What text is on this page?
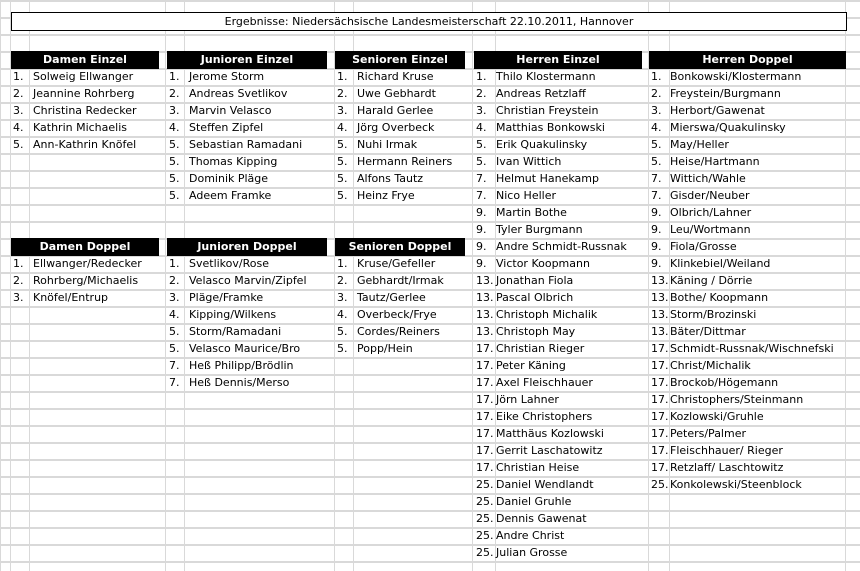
Ergebnisse: Niedersächsische Landesmeisterschaft 22.10.2011, Hannover
Damen Einzel
1. Solweig Ellwanger
2. Jeannine Rohrberg
3. Christina Redecker
4. Kathrin Michaelis
5. Ann-Kathrin Knöfel
Junioren Einzel
1. Jerome Storm
2. Andreas Svetlikov
3. Marvin Velasco
4. Steffen Zipfel
5. Sebastian Ramadani
5. Thomas Kipping
5. Dominik Pläge
5. Adeem Framke
Senioren Einzel
1. Richard Kruse
2. Uwe Gebhardt
3. Harald Gerlee
4. Jörg Overbeck
5. Nuhi Irmak
5. Hermann Reiners
5. Alfons Tautz
5. Heinz Frye
Herren Einzel
1. Thilo Klostermann
2. Andreas Retzlaff
3. Christian Freystein
4. Matthias Bonkowski
5. Erik Quakulinsky
5. Ivan Wittich
7. Helmut Hanekamp
7. Nico Heller
9. Martin Bothe
9. Tyler Burgmann
9. Andre Schmidt-Russnak
9. Victor Koopmann
13. Jonathan Fiola
13. Pascal Olbrich
13. Christoph Michalik
13. Christoph May
17. Christian Rieger
17. Peter Käning
17. Axel Fleischhauer
17. Jörn Lahner
17. Eike Christophers
17. Matthäus Kozlowski
17. Gerrit Laschatowitz
17. Christian Heise
25. Daniel Wendlandt
25. Daniel Gruhle
25. Dennis Gawenat
25. Andre Christ
25. Julian Grosse
Herren Doppel
1. Bonkowski/Klostermann
2. Freystein/Burgmann
3. Herbort/Gawenat
4. Mierswa/Quakulinsky
5. May/Heller
5. Heise/Hartmann
7. Wittich/Wahle
7. Gisder/Neuber
9. Olbrich/Lahner
9. Leu/Wortmann
9. Fiola/Grosse
9. Klinkebiel/Weiland
13. Käning / Dörrie
13. Bothe/ Koopmann
13. Storm/Brozinski
13. Bäter/Dittmar
17. Schmidt-Russnak/Wischnefski
17. Christ/Michalik
17. Brockob/Högemann
17. Christophers/Steinmann
17. Kozlowski/Gruhle
17. Peters/Palmer
17. Fleischhauer/ Rieger
17. Retzlaff/ Laschtowitz
25. Konkolewski/Steenblock
Damen Doppel
1. Ellwanger/Redecker
2. Rohrberg/Michaelis
3. Knöfel/Entrup
Junioren Doppel
1. Svetlikov/Rose
2. Velasco Marvin/Zipfel
3. Pläge/Framke
4. Kipping/Wilkens
5. Storm/Ramadani
5. Velasco Maurice/Bro
7. Heß Philipp/Brödlin
7. Heß Dennis/Merso
Senioren Doppel
1. Kruse/Gefeller
2. Gebhardt/Irmak
3. Tautz/Gerlee
4. Overbeck/Frye
5. Cordes/Reiners
5. Popp/Hein
